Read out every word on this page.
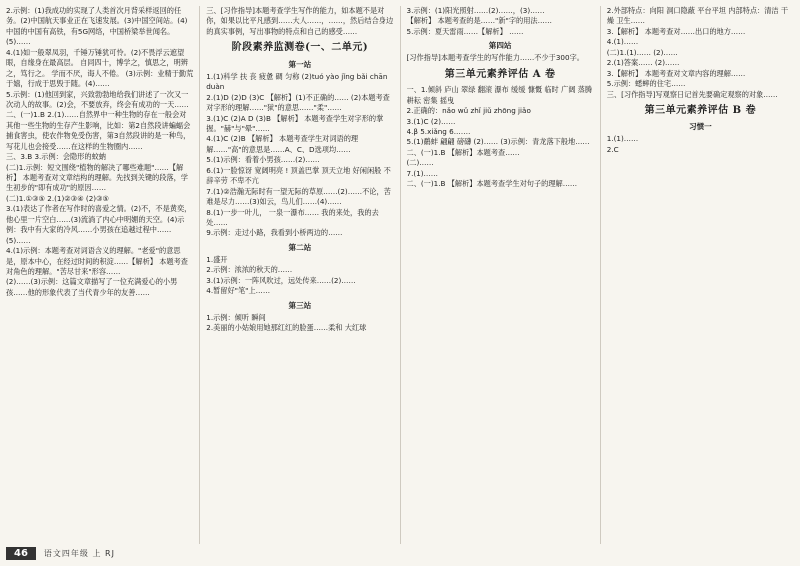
2.示例：(1)我成功的实现了人类首次月背采样返回的任务。(2)中国航天事业正在飞速发展。(3)中国空间站。(4)中国的中国有高铁，有5G网络，中国桥梁举世闻名。(5)……
4.(1)如一般翠凤羽，千锤万锤犹可怜。(2)不畏浮云遮望眼，自缘身在最高层。 自同四十，博学之，慎思之，明辨之，笃行之。 学而不厌，诲人不倦。 (3)示例：业精于勤荒于嬉，行成于思毁于随。(4)……
5.示例：(1)他回到家，兴致勃勃地给我们讲述了一次又一次动人的故事。(2)会，不要放弃，终会有成功的一天……
二、(一)1.B 2.(1)……自然界中一种生物的存在一般会对其他一些生物的生存产生影响，比如：第2自然段讲蝙蝠会捕食害虫，使农作物免受伤害，第3自然段讲的是一种鸟，写花儿也会接受……在这样的生物圈内……
三、3.B 3.示例：会隐形的蚊蚋
(二)1.示例：短文围绕"植物的解决了哪些难题"……【解析】 本题考查对文章结构的理解。先找到关键的段落，学生初步的"即有成功"的原因……
(二)1.①③⑤ 2.(1)②③④ (2)③⑤
3.(1)表达了作者在写作时的喜爱之情。(2)不，不是黄奕，他心里一片空白……(3)流淌了内心中明媚的天空。(4)示例：我中有大家的冷风……小男孩在追越过程中……(5)……
4.(1)示例：本题考查对词语含义的理解。"老爱"的意思是，原本中心，在经过时间的积淀……【解析】 本题考查对角色的理解。"苦尽甘来"形容……
(2)……(3)示例：这篇文章描写了一位充满爱心的小男孩……他的形象代表了当代青少年的友善……
三、[习作指导]本题考查学生写作的能力，如本题不是对你，如果以比平凡感到……大人……，……，然后结合身边的真实事例，写出事物的特点和自己的感受……
阶段素养监测卷(一、二单元)
第一站
1.(1)科学 扶 丧 疲惫 碉 匀称 (2)tuó yào jǐng bǎi chān duàn
2.(1)D (2)D (3)C 【解析】(1)不正确的…… (2)本题考查对字形的理解……"狱"的意思……"柔"……
3.(1)C (2)A D (3)B 【解析】 本题考查学生对字形的掌握。"赫"与"晕"……
4.(1)C (2)B 【解析】 本题考查学生对词语的理解……"高"的意思是……A、C、D选项均……
5.(1)示例：看着小男孩……(2)……
6.(1)一脸惊讶 宽阔明亮 ! 顶盖巴掌 顶天立地 好闲闲般 不辞辛劳 不卑不亢
7.(1)②浩瀚无际时有一望无际的草原……(2)……不论，苦难是尽力……(3)如云，鸟儿们……(4)……
8.(1)一步一叶儿， 一泉一瀑布…… 我的来处，我的去处……
9.示例：走过小路，我看到小桥两边的……
第二站
1.盛开
2.示例：浓浓的秋天的……
3.(1)示例：一阵风吹过，远处传来……(2)……
4.暂留好"笔"上……
第三站
1.示例：倾听 瞬间
2.美丽的小姑娘用她那红红的脸蛋……柔和 大红球
3.示例：(1)阳光照射……(2)……，(3)……
【解析】 本题考查的是……"新"字的用法……
5.示例：夏天雷雨……【解析】 ……
第四站
[习作指导]本题考查学生的写作能力……不少于300字。
第三单元素养评估 A 卷
一、1.倾斜 庐山 翠绿 翻滚 瀑布 缓缓 慷慨 临时 广阔 蒸腾 耕耘 密集 摇曳
2.正确的：nǎo wǔ zhǐ jiǔ zhōng jiǎo
3.(1)C (2)……
4.β 5.xiǎng 6.……
5.(1)鹬蚌 翩翩 磅礴 (2)…… (3)示例：青龙落下般地……
二、(一)1.B 【解析】本题考查……
(二)……
7.(1)……
二、(一)1.B 【解析】本题考查学生对句子的理解……
2.外部特点：向阳 洞口隐蔽 平台平坦 内部特点：清洁 干燥 卫生……
3.【解析】 本题考查对……出口的地方……
4.(1)……
(二)1.(1)…… (2)……
2.(1)答案…… (2)……
3.【解析】 本题考查对文章内容的理解……
5.示例：蟋蟀的住宅……
三、[习作指导]写观察日记首先要确定观察的对象……
第三单元素养评估 B 卷
习惯一
1.(1)……
2.C
46	语文四年级 上 RJ
